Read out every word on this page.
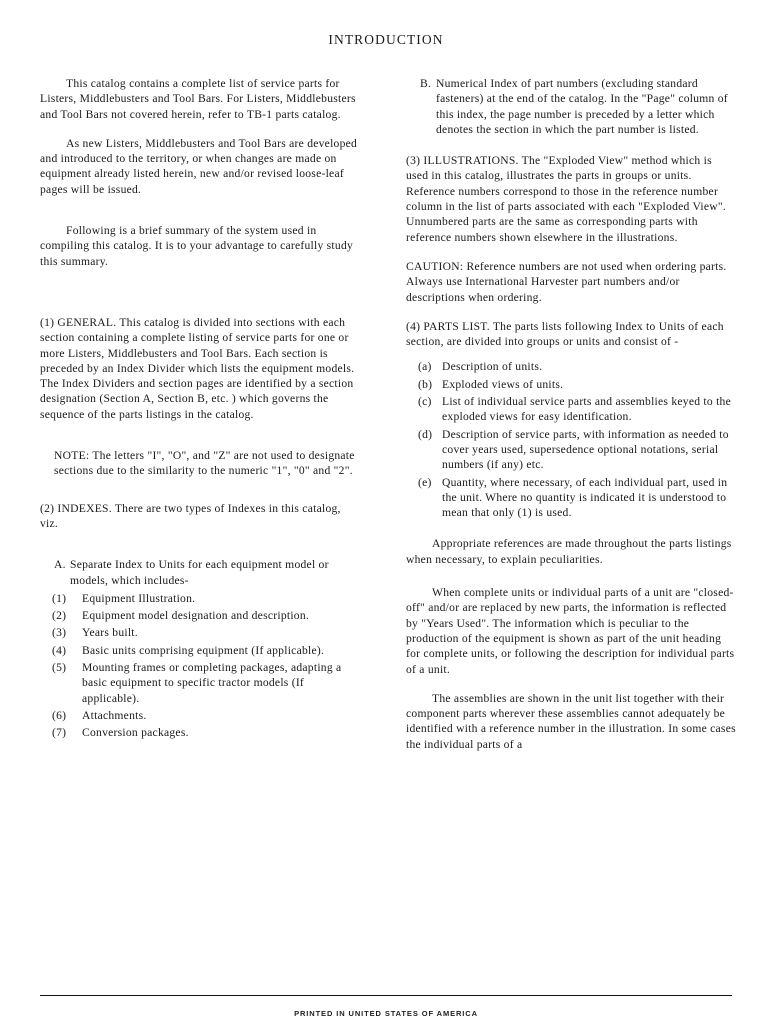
INTRODUCTION

This catalog contains a complete list of service parts for Listers, Middlebusters and Tool Bars. For Listers, Middlebusters and Tool Bars not covered herein, refer to TB-1 parts catalog.

As new Listers, Middlebusters and Tool Bars are developed and introduced to the territory, or when changes are made on equipment already listed herein, new and/or revised loose-leaf pages will be issued.

Following is a brief summary of the system used in compiling this catalog. It is to your advantage to carefully study this summary.

(1) GENERAL. This catalog is divided into sections with each section containing a complete listing of service parts for one or more Listers, Middlebusters and Tool Bars. Each section is preceded by an Index Divider which lists the equipment models. The Index Dividers and section pages are identified by a section designation (Section A, Section B, etc. ) which governs the sequence of the parts listings in the catalog.

NOTE: The letters "I", "O", and "Z" are not used to designate sections due to the similarity to the numeric "1", "0" and "2".

(2) INDEXES. There are two types of Indexes in this catalog, viz.

A. Separate Index to Units for each equipment model or models, which includes-
(1)	Equipment Illustration.
(2)	Equipment model designation and description.
(3)	Years built.
(4)	Basic units comprising equipment (If applicable).
(5)	Mounting frames or completing packages, adapting a basic equipment to specific tractor models (If applicable).
(6)	Attachments.
(7)	Conversion packages.
B. Numerical Index of part numbers (excluding standard fasteners) at the end of the catalog. In the "Page" column of this index, the page number is preceded by a letter which denotes the section in which the part number is listed.

(3) ILLUSTRATIONS. The "Exploded View" method which is used in this catalog, illustrates the parts in groups or units. Reference numbers correspond to those in the reference number column in the list of parts associated with each "Exploded View". Unnumbered parts are the same as corresponding parts with reference numbers shown elsewhere in the illustrations.

CAUTION: Reference numbers are not used when ordering parts. Always use International Harvester part numbers and/or descriptions when ordering.

(4) PARTS LIST. The parts lists following Index to Units of each section, are divided into groups or units and consist of -

(a) Description of units.
(b) Exploded views of units.
(c) List of individual service parts and assemblies keyed to the exploded views for easy identification.
(d) Description of service parts, with information as needed to cover years used, supersedence optional notations, serial numbers (if any) etc.
(e) Quantity, where necessary, of each individual part, used in the unit. Where no quantity is indicated it is understood to mean that only (1) is used.

Appropriate references are made throughout the parts listings when necessary, to explain peculiarities.

When complete units or individual parts of a unit are "closed-off" and/or are replaced by new parts, the information is reflected by "Years Used". The information which is peculiar to the production of the equipment is shown as part of the unit heading for complete units, or following the description for individual parts of a unit.

The assemblies are shown in the unit list together with their component parts wherever these assemblies cannot adequately be identified with a reference number in the illustration. In some cases the individual parts of a

PRINTED IN UNITED STATES OF AMERICA
